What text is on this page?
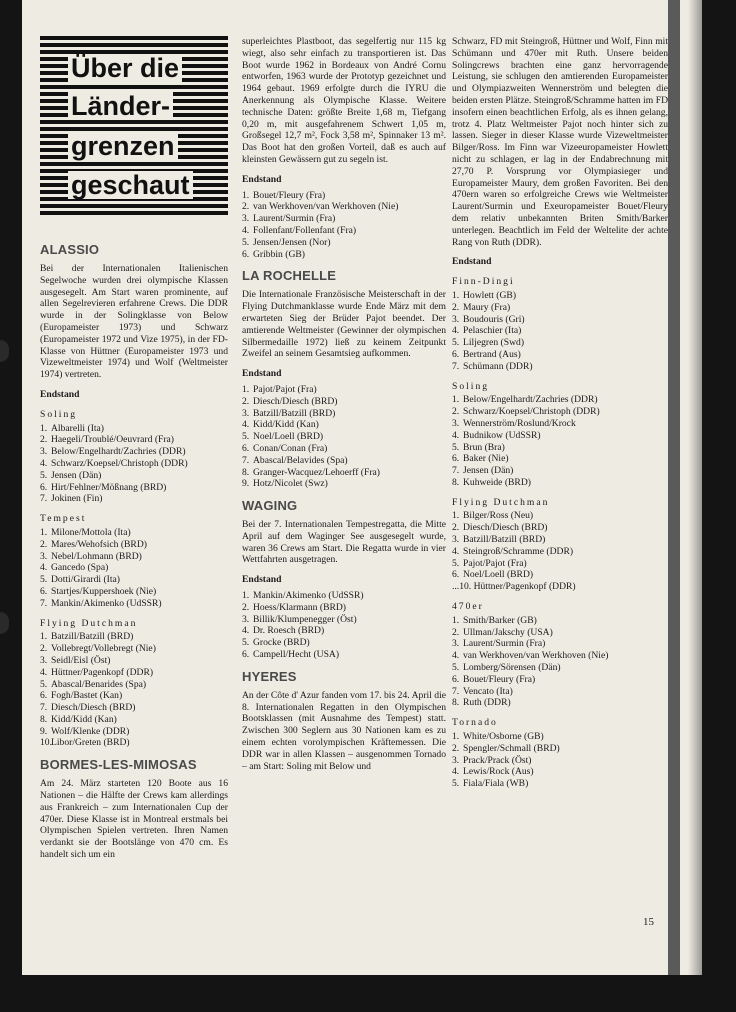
Über die
Länder-
grenzen
geschaut
ALASSIO

Bei der Internationalen Italienischen Segelwoche wurden drei olympische Klassen ausgesegelt. Am Start waren prominente, auf allen Segelrevieren erfahrene Crews. Die DDR wurde in der Solingklasse von Below (Europameister 1973) und Schwarz (Europameister 1972 und Vize 1975), in der FD-Klasse von Hüttner (Europameister 1973 und Vizeweltmeister 1974) und Wolf (Weltmeister 1974) vertreten.

Endstand
Soling
1. Albarelli (Ita)
2. Haegeli/Troublé/Oeuvrard (Fra)
3. Below/Engelhardt/Zachries (DDR)
4. Schwarz/Koepsel/Christoph (DDR)
5. Jensen (Dän)
6. Hirt/Fehlner/Mößnang (BRD)
7. Jokinen (Fin)
Tempest
1. Milone/Mottola (Ita)
2. Mares/Wehofsich (BRD)
3. Nebel/Lohmann (BRD)
4. Gancedo (Spa)
5. Dotti/Girardi (Ita)
6. Startjes/Kuppershoek (Nie)
7. Mankin/Akimenko (UdSSR)
Flying Dutchman
1. Batzill/Batzill (BRD)
2. Vollebregt/Vollebregt (Nie)
3. Seidl/Eisl (Öst)
4. Hüttner/Pagenkopf (DDR)
5. Abascal/Benarides (Spa)
6. Fogh/Bastet (Kan)
7. Diesch/Diesch (BRD)
8. Kidd/Kidd (Kan)
9. Wolf/Klenke (DDR)
10. Libor/Greten (BRD)
BORMES-LES-MIMOSAS

Am 24. März starteten 120 Boote aus 16 Nationen – die Hälfte der Crews kam allerdings aus Frankreich – zum Internationalen Cup der 470er. Diese Klasse ist in Montreal erstmals bei Olympischen Spielen vertreten. Ihren Namen verdankt sie der Bootslänge von 470 cm. Es handelt sich um ein

superleichtes Plastboot, das segelfertig nur 115 kg wiegt, also sehr einfach zu transportieren ist. Das Boot wurde 1962 in Bordeaux von André Cornu entworfen, 1963 wurde der Prototyp gezeichnet und 1964 gebaut. 1969 erfolgte durch die IYRU die Anerkennung als Olympische Klasse. Weitere technische Daten: größte Breite 1,68 m, Tiefgang 0,20 m, mit ausgefahrenem Schwert 1,05 m, Großsegel 12,7 m², Fock 3,58 m², Spinnaker 13 m². Das Boot hat den großen Vorteil, daß es auch auf kleinsten Gewässern gut zu segeln ist.

Endstand
1. Bouet/Fleury (Fra)
2. van Werkhoven/van Werkhoven (Nie)
3. Laurent/Surmin (Fra)
4. Follenfant/Follenfant (Fra)
5. Jensen/Jensen (Nor)
6. Gribbin (GB)
LA ROCHELLE

Die Internationale Französische Meisterschaft in der Flying Dutchmanklasse wurde Ende März mit dem erwarteten Sieg der Brüder Pajot beendet. Der amtierende Weltmeister (Gewinner der olympischen Silbermedaille 1972) ließ zu keinem Zeitpunkt Zweifel an seinem Gesamtsieg aufkommen.

Endstand
1. Pajot/Pajot (Fra)
2. Diesch/Diesch (BRD)
3. Batzill/Batzill (BRD)
4. Kidd/Kidd (Kan)
5. Noel/Loell (BRD)
6. Conan/Conan (Fra)
7. Abascal/Belavides (Spa)
8. Granger-Wacquez/Lehoerff (Fra)
9. Hotz/Nicolet (Swz)
WAGING

Bei der 7. Internationalen Tempestregatta, die Mitte April auf dem Waginger See ausgesegelt wurde, waren 36 Crews am Start. Die Regatta wurde in vier Wettfahrten ausgetragen.

Endstand
1. Mankin/Akimenko (UdSSR)
2. Hoess/Klarmann (BRD)
3. Billik/Klumpenegger (Öst)
4. Dr. Roesch (BRD)
5. Grocke (BRD)
6. Campell/Hecht (USA)
HYERES

An der Côte d' Azur fanden vom 17. bis 24. April die 8. Internationalen Regatten in den Olympischen Bootsklassen (mit Ausnahme des Tempest) statt. Zwischen 300 Seglern aus 30 Nationen kam es zu einem echten vorolympischen Kräftemessen. Die DDR war in allen Klassen – ausgenommen Tornado – am Start: Soling mit Below und

Schwarz, FD mit Steingroß, Hüttner und Wolf, Finn mit Schümann und 470er mit Ruth. Unsere beiden Solingcrews brachten eine ganz hervorragende Leistung, sie schlugen den amtierenden Europameister und Olympiazweiten Wennerström und belegten die beiden ersten Plätze. Steingroß/Schramme hatten im FD insofern einen beachtlichen Erfolg, als es ihnen gelang, trotz 4. Platz Weltmeister Pajot noch hinter sich zu lassen. Sieger in dieser Klasse wurde Vizeweltmeister Bilger/Ross. Im Finn war Vizeeuropameister Howlett nicht zu schlagen, er lag in der Endabrechnung mit 27,70 P. Vorsprung vor Olympiasieger und Europameister Maury, dem großen Favoriten. Bei den 470ern waren so erfolgreiche Crews wie Weltmeister Laurent/Surmin und Exeuropameister Bouet/Fleury dem relativ unbekannten Briten Smith/Barker unterlegen. Beachtlich im Feld der Weltelite der achte Rang von Ruth (DDR).

Endstand
Finn-Dingi
1. Howlett (GB)
2. Maury (Fra)
3. Boudouris (Gri)
4. Pelaschier (Ita)
5. Liljegren (Swd)
6. Bertrand (Aus)
7. Schümann (DDR)
Soling
1. Below/Engelhardt/Zachries (DDR)
2. Schwarz/Koepsel/Christoph (DDR)
3. Wennerström/Roslund/Krock
4. Budnikow (UdSSR)
5. Brun (Bra)
6. Baker (Nie)
7. Jensen (Dän)
8. Kuhweide (BRD)
Flying Dutchman
1. Bilger/Ross (Neu)
2. Diesch/Diesch (BRD)
3. Batzill/Batzill (BRD)
4. Steingroß/Schramme (DDR)
5. Pajot/Pajot (Fra)
6. Noel/Loell (BRD)
...10. Hüttner/Pagenkopf (DDR)
470er
1. Smith/Barker (GB)
2. Ullman/Jakschy (USA)
3. Laurent/Surmin (Fra)
4. van Werkhoven/van Werkhoven (Nie)
5. Lomberg/Sörensen (Dän)
6. Bouet/Fleury (Fra)
7. Vencato (Ita)
8. Ruth (DDR)
Tornado
1. White/Osborne (GB)
2. Spengler/Schmall (BRD)
3. Prack/Prack (Öst)
4. Lewis/Rock (Aus)
5. Fiala/Fiala (WB)
15
